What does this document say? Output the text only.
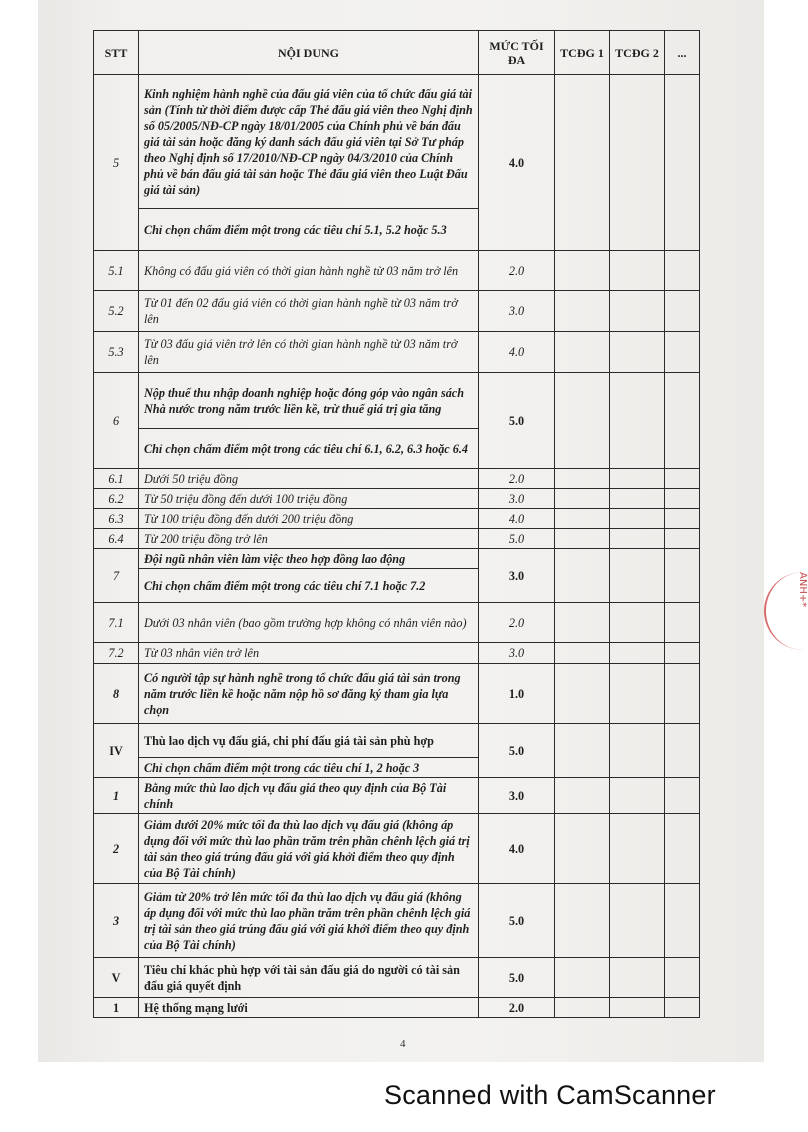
STT	NỘI DUNG	MỨC TỐI ĐA	TCĐG 1	TCĐG 2	...
5	Kinh nghiệm hành nghề của đấu giá viên của tổ chức đấu giá tài sản (Tính từ thời điểm được cấp Thẻ đấu giá viên theo Nghị định số 05/2005/NĐ-CP ngày 18/01/2005 của Chính phủ về bán đấu giá tài sản hoặc đăng ký danh sách đấu giá viên tại Sở Tư pháp theo Nghị định số 17/2010/NĐ-CP ngày 04/3/2010 của Chính phủ về bán đấu giá tài sản hoặc Thẻ đấu giá viên theo Luật Đấu giá tài sản)	4.0			
	Chỉ chọn chấm điểm một trong các tiêu chí 5.1, 5.2 hoặc 5.3				
5.1	Không có đấu giá viên có thời gian hành nghề từ 03 năm trở lên	2.0			
5.2	Từ 01 đến 02 đấu giá viên có thời gian hành nghề từ 03 năm trở lên	3.0			
5.3	Từ 03 đấu giá viên trở lên có thời gian hành nghề từ 03 năm trở lên	4.0			
6	Nộp thuế thu nhập doanh nghiệp hoặc đóng góp vào ngân sách Nhà nước trong năm trước liền kề, trừ thuế giá trị gia tăng	5.0			
	Chỉ chọn chấm điểm một trong các tiêu chí 6.1, 6.2, 6.3 hoặc 6.4				
6.1	Dưới 50 triệu đồng	2.0			
6.2	Từ 50 triệu đồng đến dưới 100 triệu đồng	3.0			
6.3	Từ 100 triệu đồng đến dưới 200 triệu đồng	4.0			
6.4	Từ 200 triệu đồng trở lên	5.0			
7	Đội ngũ nhân viên làm việc theo hợp đồng lao động	3.0			
	Chỉ chọn chấm điểm một trong các tiêu chí 7.1 hoặc 7.2				
7.1	Dưới 03 nhân viên (bao gồm trường hợp không có nhân viên nào)	2.0			
7.2	Từ 03 nhân viên trở lên	3.0			
8	Có người tập sự hành nghề trong tổ chức đấu giá tài sản trong năm trước liền kề hoặc năm nộp hồ sơ đăng ký tham gia lựa chọn	1.0			
IV	Thù lao dịch vụ đấu giá, chi phí đấu giá tài sản phù hợp	5.0			
	Chỉ chọn chấm điểm một trong các tiêu chí 1, 2 hoặc 3				
1	Bằng mức thù lao dịch vụ đấu giá theo quy định của Bộ Tài chính	3.0			
2	Giảm dưới 20% mức tối đa thù lao dịch vụ đấu giá (không áp dụng đối với mức thù lao phần trăm trên phần chênh lệch giá trị tài sản theo giá trúng đấu giá với giá khởi điểm theo quy định của Bộ Tài chính)	4.0			
3	Giảm từ 20% trở lên mức tối đa thù lao dịch vụ đấu giá (không áp dụng đối với mức thù lao phần trăm trên phần chênh lệch giá trị tài sản theo giá trúng đấu giá với giá khởi điểm theo quy định của Bộ Tài chính)	5.0			
V	Tiêu chí khác phù hợp với tài sản đấu giá do người có tài sản đấu giá quyết định	5.0			
1	Hệ thống mạng lưới	2.0			
4
ẢNH+*
Scanned with CamScanner
